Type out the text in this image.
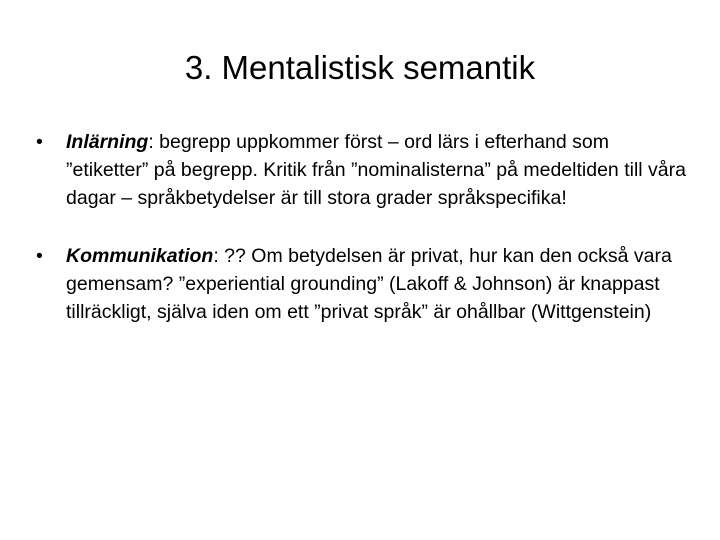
3. Mentalistisk semantik
• Inlärning: begrepp uppkommer först – ord lärs i efterhand som ”etiketter” på begrepp. Kritik från ”nominalisterna” på medeltiden till våra dagar – språkbetydelser är till stora grader språkspecifika!
• Kommunikation: ?? Om betydelsen är privat, hur kan den också vara gemensam? ”experiential grounding” (Lakoff & Johnson) är knappast tillräckligt, själva iden om ett ”privat språk” är ohållbar (Wittgenstein)
